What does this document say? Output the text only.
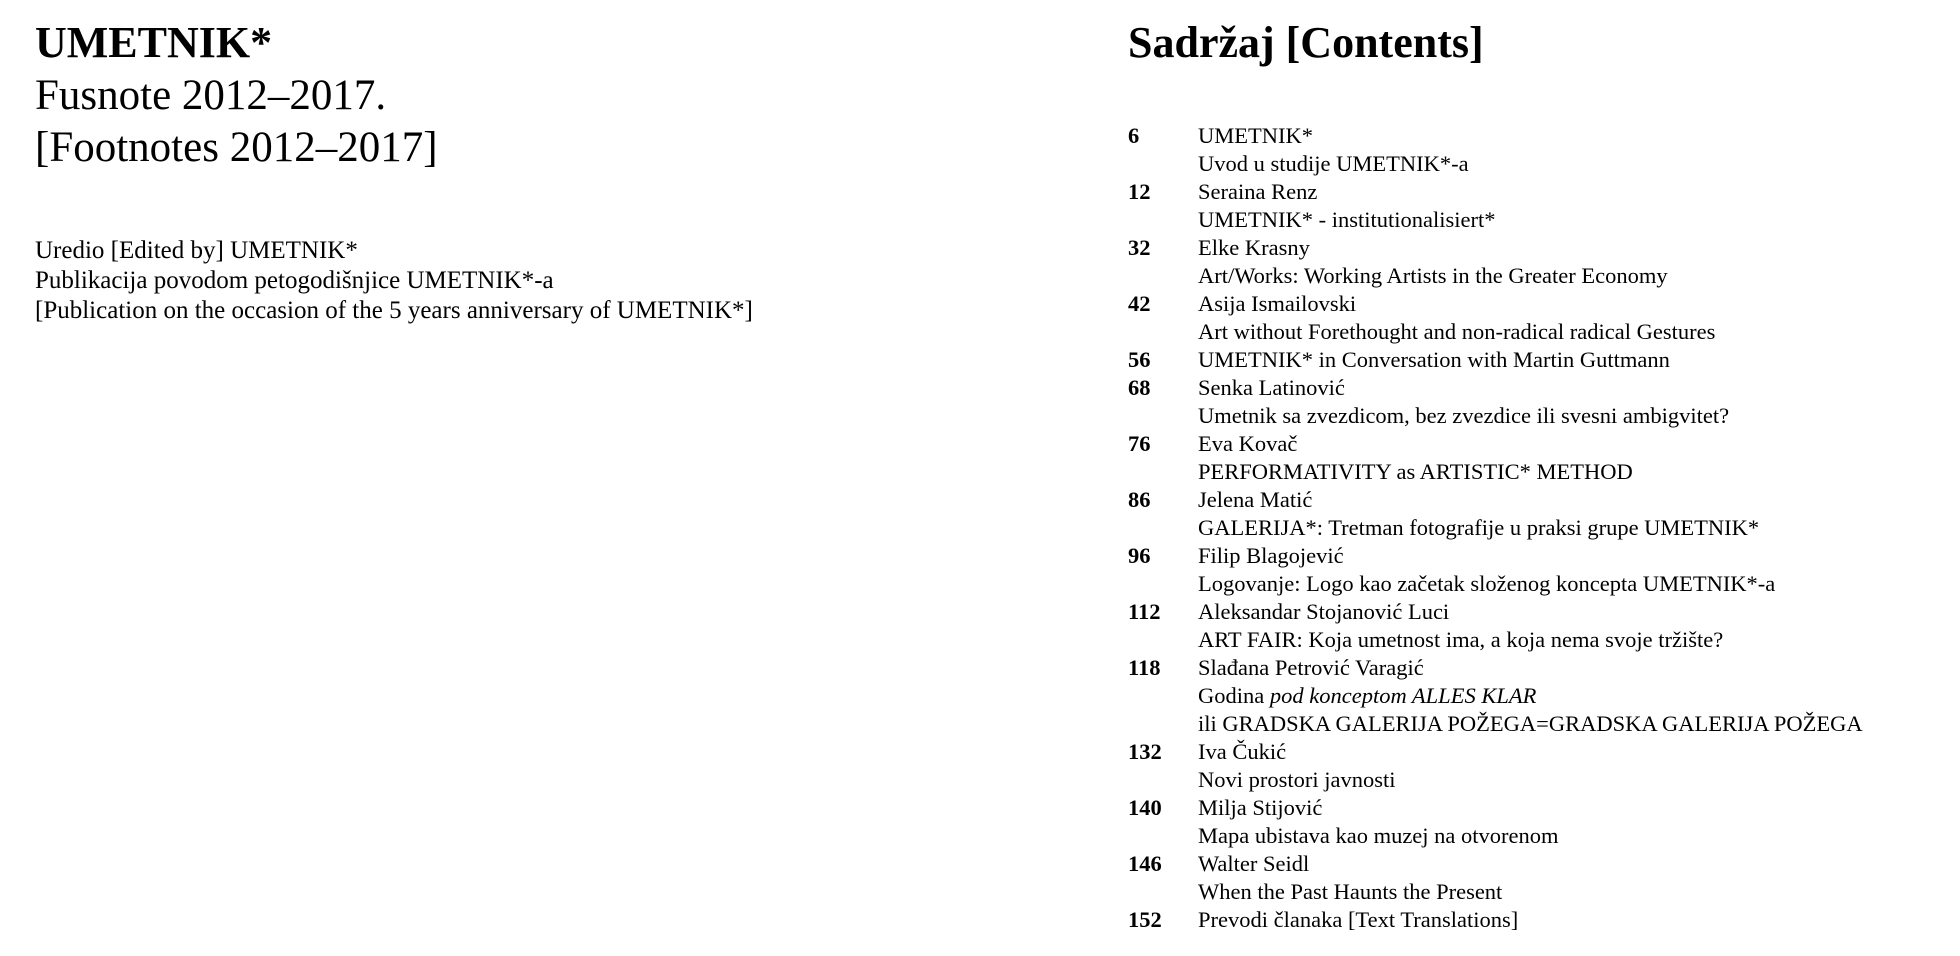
UMETNIK*

Fusnote 2012–2017.

[Footnotes 2012–2017]

Uredio [Edited by] UMETNIK*
Publikacija povodom petogodišnjice UMETNIK*-a
[Publication on the occasion of the 5 years anniversary of UMETNIK*]
Sadržaj [Contents]
6	UMETNIK*
Uvod u studije UMETNIK*-a
12	Seraina Renz
UMETNIK* - institutionalisiert*
32	Elke Krasny
Art/Works: Working Artists in the Greater Economy
42	Asija Ismailovski
Art without Forethought and non-radical radical Gestures
56	UMETNIK* in Conversation with Martin Guttmann
68	Senka Latinović
Umetnik sa zvezdicom, bez zvezdice ili svesni ambigvitet?
76	Eva Kovač
PERFORMATIVITY as ARTISTIC* METHOD
86	Jelena Matić
GALERIJA*: Tretman fotografije u praksi grupe UMETNIK*
96	Filip Blagojević
Logovanje: Logo kao začetak složenog koncepta UMETNIK*-a
112	Aleksandar Stojanović Luci
ART FAIR: Koja umetnost ima, a koja nema svoje tržište?
118	Slađana Petrović Varagić
Godina pod konceptom ALLES KLAR
ili GRADSKA GALERIJA POŽEGA=GRADSKA GALERIJA POŽEGA
132	Iva Čukić
Novi prostori javnosti
140	Milja Stijović
Mapa ubistava kao muzej na otvorenom
146	Walter Seidl
When the Past Haunts the Present
152	Prevodi članaka [Text Translations]
